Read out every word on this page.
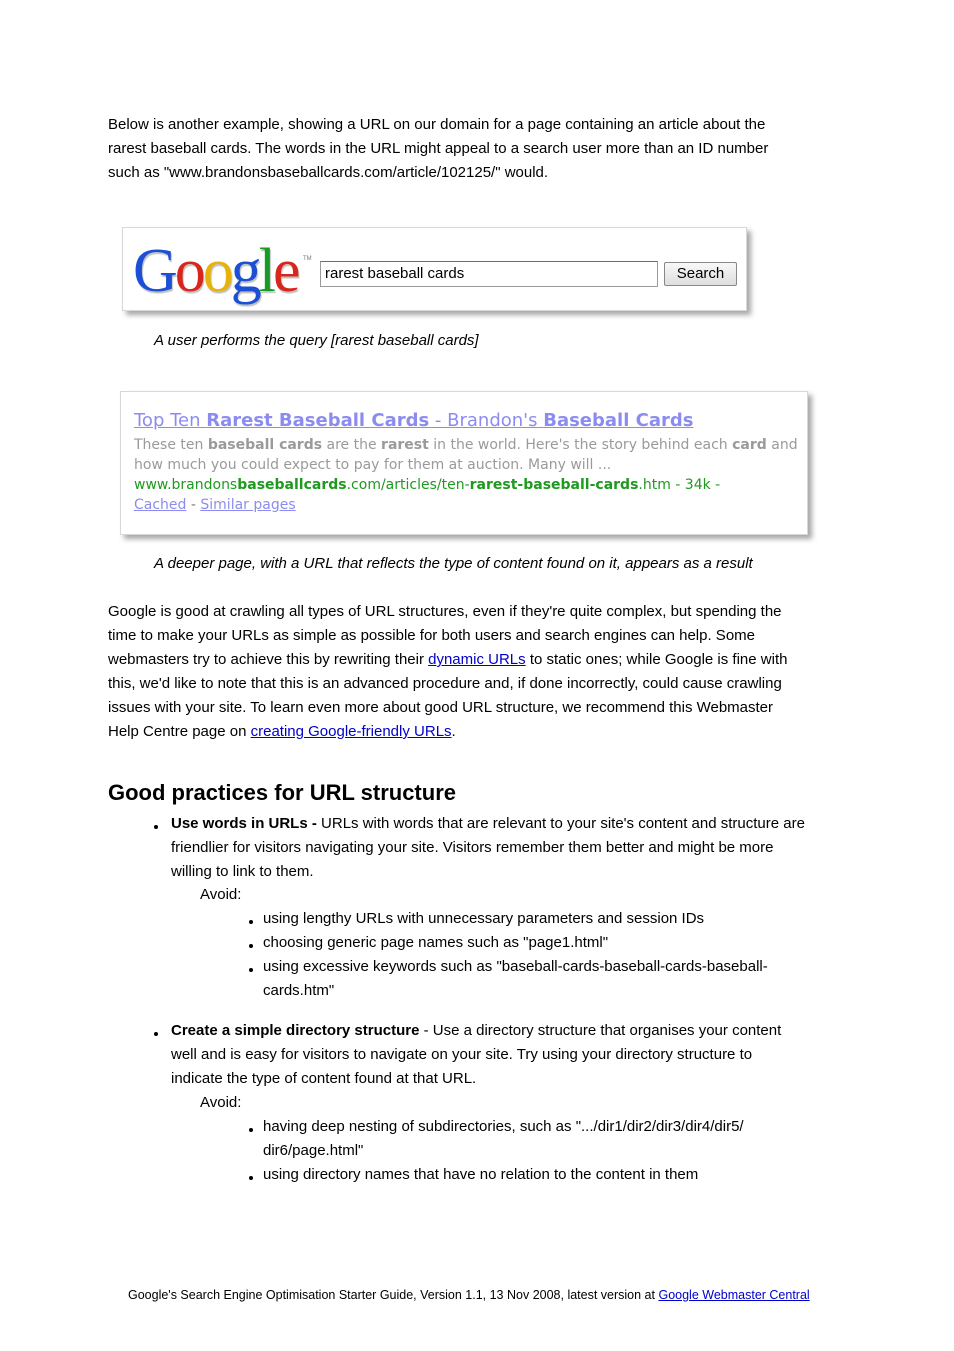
Below is another example, showing a URL on our domain for a page containing an article about the
rarest baseball cards. The words in the URL might appeal to a search user more than an ID number
such as "www.brandonsbaseballcards.com/article/102125/" would.
Google TM
rarest baseball cards	Search
A user performs the query [rarest baseball cards]
Top Ten Rarest Baseball Cards - Brandon's Baseball Cards
These ten baseball cards are the rarest in the world. Here's the story behind each card and
how much you could expect to pay for them at auction. Many will ...
www.brandonsbaseballcards.com/articles/ten-rarest-baseball-cards.htm - 34k -
Cached - Similar pages
A deeper page, with a URL that reflects the type of content found on it, appears as a result
Google is good at crawling all types of URL structures, even if they're quite complex, but spending the
time to make your URLs as simple as possible for both users and search engines can help. Some
webmasters try to achieve this by rewriting their dynamic URLs to static ones; while Google is fine with
this, we'd like to note that this is an advanced procedure and, if done incorrectly, could cause crawling
issues with your site. To learn even more about good URL structure, we recommend this Webmaster
Help Centre page on creating Google-friendly URLs.
Good practices for URL structure
Use words in URLs - URLs with words that are relevant to your site's content and structure are
friendlier for visitors navigating your site. Visitors remember them better and might be more
willing to link to them.
Avoid:
using lengthy URLs with unnecessary parameters and session IDs
choosing generic page names such as "page1.html"
using excessive keywords such as "baseball-cards-baseball-cards-baseball-
cards.htm"
Create a simple directory structure - Use a directory structure that organises your content
well and is easy for visitors to navigate on your site. Try using your directory structure to
indicate the type of content found at that URL.
Avoid:
having deep nesting of subdirectories, such as ".../dir1/dir2/dir3/dir4/dir5/
dir6/page.html"
using directory names that have no relation to the content in them
Google's Search Engine Optimisation Starter Guide, Version 1.1, 13 Nov 2008, latest version at Google Webmaster Central
